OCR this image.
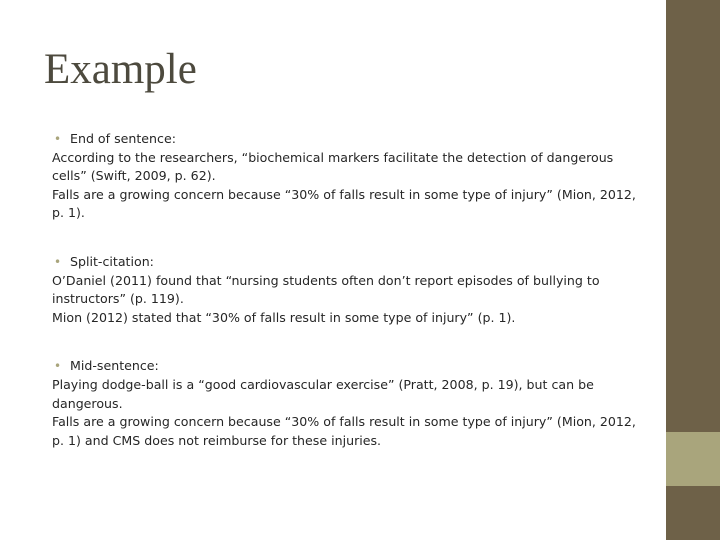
Example
• End of sentence:

According to the researchers, “biochemical markers facilitate the detection of dangerous cells” (Swift, 2009, p. 62).

Falls are a growing concern because “30% of falls result in some type of injury” (Mion, 2012, p. 1).

• Split-citation:

O’Daniel (2011) found that “nursing students often don’t report episodes of bullying to instructors” (p. 119).

Mion (2012) stated that “30% of falls result in some type of injury” (p. 1).

• Mid-sentence:

Playing dodge-ball is a “good cardiovascular exercise” (Pratt, 2008, p. 19), but can be dangerous.

Falls are a growing concern because “30% of falls result in some type of injury” (Mion, 2012, p. 1) and CMS does not reimburse for these injuries.
